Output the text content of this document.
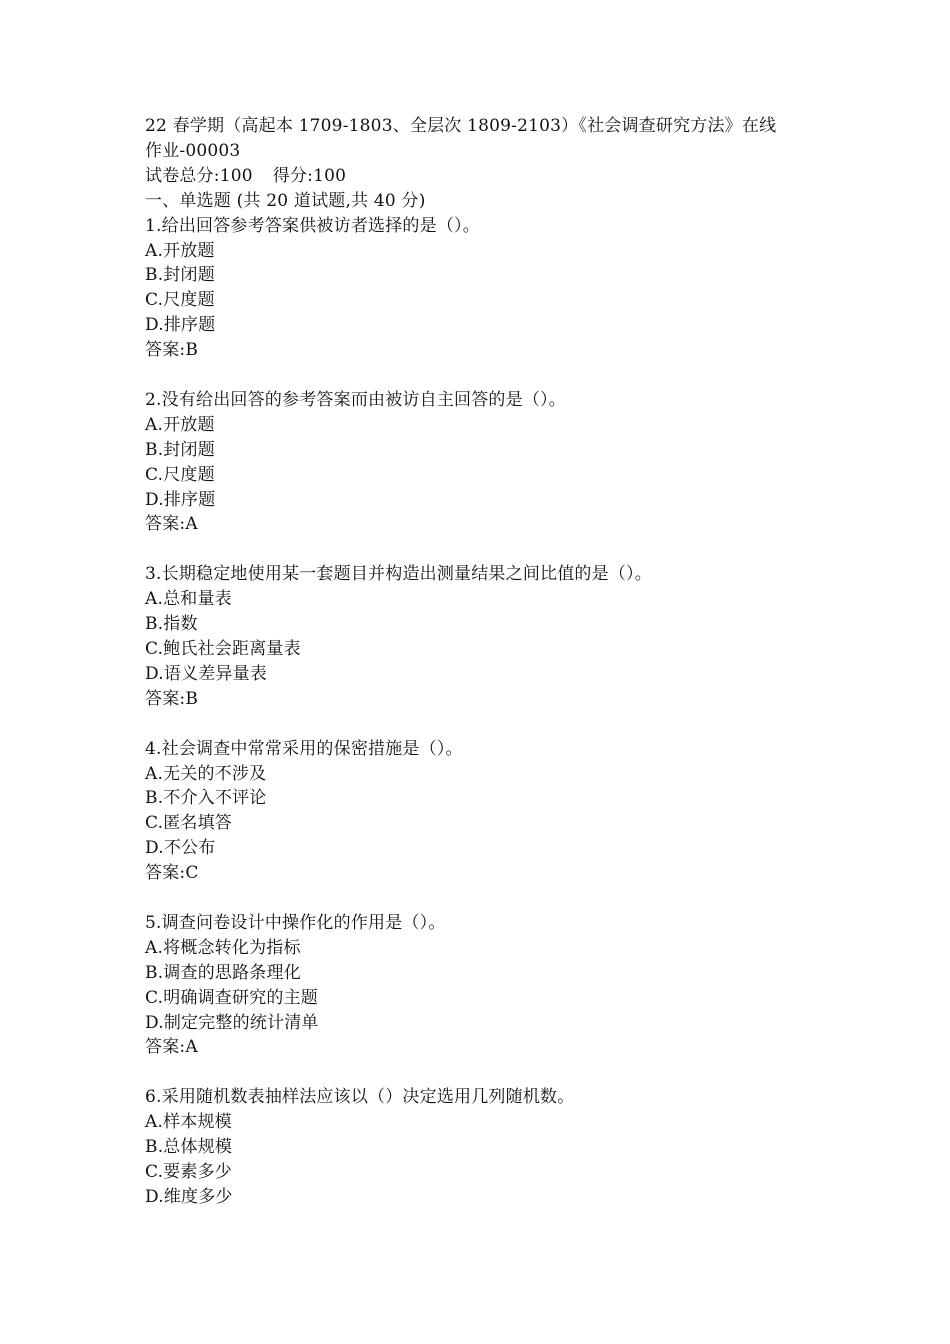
22 春学期（高起本 1709-1803、全层次 1809-2103）《社会调查研究方法》在线
作业-00003
试卷总分:100 得分:100
一、单选题 (共 20 道试题,共 40 分)
1.给出回答参考答案供被访者选择的是（）。
A.开放题
B.封闭题
C.尺度题
D.排序题
答案:B
2.没有给出回答的参考答案而由被访自主回答的是（）。
A.开放题
B.封闭题
C.尺度题
D.排序题
答案:A
3.长期稳定地使用某一套题目并构造出测量结果之间比值的是（）。
A.总和量表
B.指数
C.鲍氏社会距离量表
D.语义差异量表
答案:B
4.社会调查中常常采用的保密措施是（）。
A.无关的不涉及
B.不介入不评论
C.匿名填答
D.不公布
答案:C
5.调查问卷设计中操作化的作用是（）。
A.将概念转化为指标
B.调查的思路条理化
C.明确调查研究的主题
D.制定完整的统计清单
答案:A
6.采用随机数表抽样法应该以（）决定选用几列随机数。
A.样本规模
B.总体规模
C.要素多少
D.维度多少
